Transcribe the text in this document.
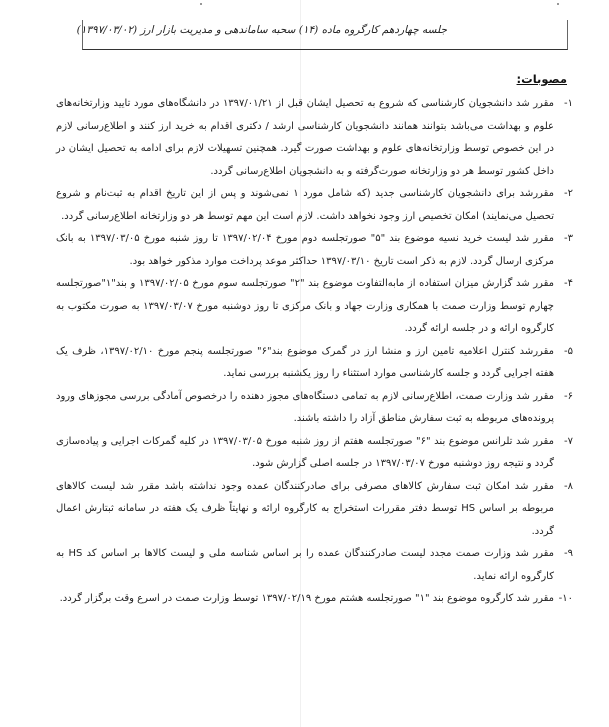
جلسه چهاردهم کارگروه ماده (۱۴) سحبه ساماندهی و مدیریت بازار ارز (۱۳۹۷/۰۳/۰۲)
مصوبات:
۱-
مقرر شد دانشجویان کارشناسی که شروع به تحصیل ایشان قبل از ۱۳۹۷/۰۱/۲۱ در دانشگاه‌های مورد تایید وزارتخانه‌های علوم و بهداشت می‌باشد بتوانند همانند دانشجویان کارشناسی ارشد / دکتری اقدام به خرید ارز کنند و اطلاع‌رسانی لازم در این خصوص توسط وزارتخانه‌های علوم و بهداشت صورت گیرد. همچنین تسهیلات لازم برای ادامه به تحصیل ایشان در داخل کشور توسط هر دو وزارتخانه صورت‌گرفته و به دانشجویان اطلاع‌رسانی گردد.
۲-
مقررشد برای دانشجویان کارشناسی جدید (که شامل مورد ۱ نمی‌شوند و پس از این تاریخ اقدام به ثبت‌نام و شروع تحصیل می‌نمایند) امکان تخصیص ارز وجود نخواهد داشت. لازم است این مهم توسط هر دو وزارتخانه اطلاع‌رسانی گردد.
۳-
مقرر شد لیست خرید نسیه موضوع بند "۵" صورتجلسه دوم مورخ ۱۳۹۷/۰۲/۰۴ تا روز شنبه مورخ ۱۳۹۷/۰۳/۰۵ به بانک مرکزی ارسال گردد. لازم به ذکر است تاریخ ۱۳۹۷/۰۳/۱۰ حداکثر موعد پرداخت موارد مذکور خواهد بود.
۴-
مقرر شد گزارش میزان استفاده از مابه‌التفاوت موضوع بند "۲" صورتجلسه سوم مورخ ۱۳۹۷/۰۲/۰۵ و بند"۱"صورتجلسه چهارم توسط وزارت صمت با همکاری وزارت جهاد و بانک مرکزی تا روز دوشنبه مورخ ۱۳۹۷/۰۳/۰۷ به صورت مکتوب به کارگروه ارائه و در جلسه ارائه گردد.
۵-
مقررشد کنترل اعلامیه تامین ارز و منشا ارز در گمرک موضوع بند"۶" صورتجلسه پنجم مورخ ۱۳۹۷/۰۲/۱۰، ظرف یک هفته اجرایی گردد و جلسه کارشناسی موارد استثناء را روز یکشنبه بررسی نماید.
۶-
مقرر شد وزارت صمت، اطلاع‌رسانی لازم به تمامی دستگاه‌های مجوز دهنده را درخصوص آمادگی بررسی مجوزهای ورود پرونده‌های مربوطه به ثبت سفارش مناطق آزاد را داشته باشند.
۷-
مقرر شد تلرانس موضوع بند "۶" صورتجلسه هفتم از روز شنبه مورخ ۱۳۹۷/۰۳/۰۵ در کلیه گمرکات اجرایی و پیاده‌سازی گردد و نتیجه روز دوشنبه مورخ ۱۳۹۷/۰۳/۰۷ در جلسه اصلی گزارش شود.
۸-
مقرر شد امکان ثبت سفارش کالاهای مصرفی برای صادرکنندگان عمده وجود نداشته باشد مقرر شد لیست کالاهای مربوطه بر اساس HS توسط دفتر مقررات استخراج به کارگروه ارائه و نهایتاً ظرف یک هفته در سامانه ثبتارش اعمال گردد.
۹-
مقرر شد وزارت صمت مجدد لیست صادرکنندگان عمده را بر اساس شناسه ملی و لیست کالاها بر اساس کد HS به کارگروه ارائه نماید.
۱۰-
مقرر شد کارگروه موضوع بند "۱" صورتجلسه هشتم مورخ ۱۳۹۷/۰۲/۱۹ توسط وزارت صمت در اسرع وقت برگزار گردد.
